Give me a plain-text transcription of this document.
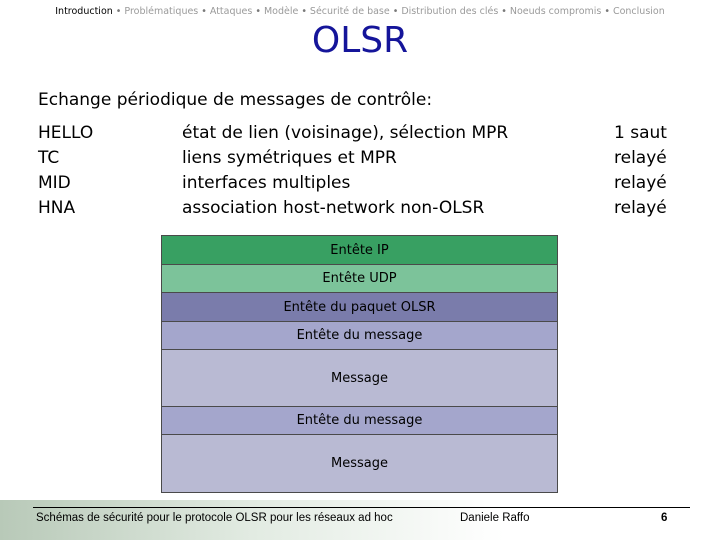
Introduction • Problématiques • Attaques • Modèle • Sécurité de base • Distribution des clés • Noeuds compromis • Conclusion
OLSR
Echange périodique de messages de contrôle:
HELLO
TC
MID
HNA
état de lien (voisinage), sélection MPR
liens symétriques et MPR
interfaces multiples
association host-network non-OLSR
1 saut
relayé
relayé
relayé
Entête IP
Entête UDP
Entête du paquet OLSR
Entête du message
Message
Entête du message
Message
Schémas de sécurité pour le protocole OLSR pour les réseaux ad hoc	Daniele Raffo	6
